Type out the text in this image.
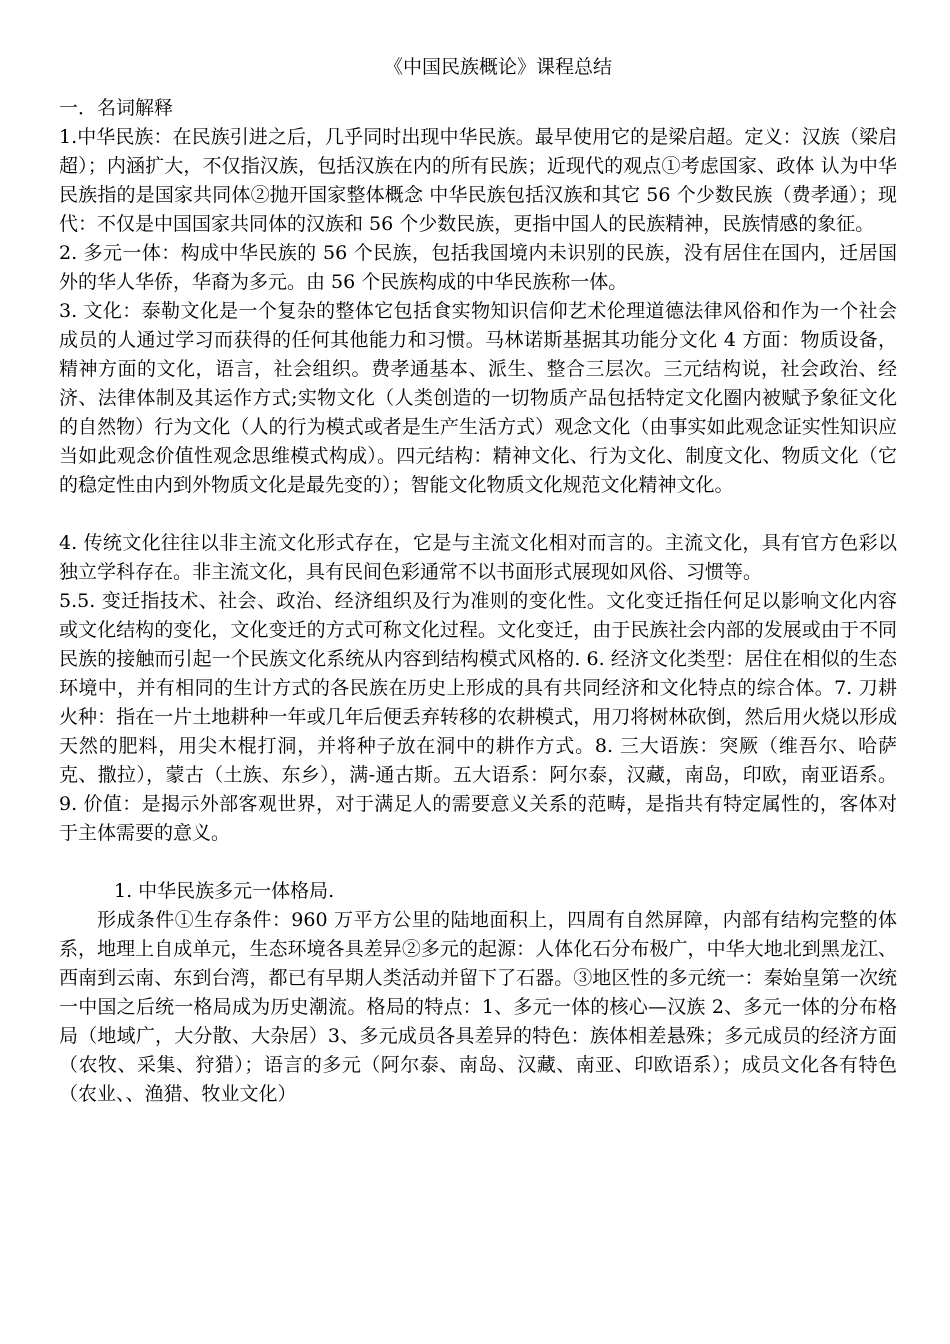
《中国民族概论》课程总结
一．名词解释

1.中华民族：在民族引进之后，几乎同时出现中华民族。最早使用它的是梁启超。定义：汉族（梁启超）；内涵扩大，不仅指汉族，包括汉族在内的所有民族；近现代的观点①考虑国家、政体 认为中华民族指的是国家共同体②抛开国家整体概念 中华民族包括汉族和其它 56 个少数民族（费孝通）；现代：不仅是中国国家共同体的汉族和 56 个少数民族，更指中国人的民族精神，民族情感的象征。

2. 多元一体：构成中华民族的 56 个民族，包括我国境内未识别的民族，没有居住在国内，迁居国外的华人华侨，华裔为多元。由 56 个民族构成的中华民族称一体。

3. 文化：泰勒文化是一个复杂的整体它包括食实物知识信仰艺术伦理道德法律风俗和作为一个社会成员的人通过学习而获得的任何其他能力和习惯。马林诺斯基据其功能分文化 4 方面：物质设备，精神方面的文化，语言，社会组织。费孝通基本、派生、整合三层次。三元结构说，社会政治、经济、法律体制及其运作方式;实物文化（人类创造的一切物质产品包括特定文化圈内被赋予象征文化的自然物）行为文化（人的行为模式或者是生产生活方式）观念文化（由事实如此观念证实性知识应当如此观念价值性观念思维模式构成）。四元结构：精神文化、行为文化、制度文化、物质文化（它的稳定性由内到外物质文化是最先变的）；智能文化物质文化规范文化精神文化。

4. 传统文化往往以非主流文化形式存在，它是与主流文化相对而言的。主流文化，具有官方色彩以独立学科存在。非主流文化，具有民间色彩通常不以书面形式展现如风俗、习惯等。

5.5. 变迁指技术、社会、政治、经济组织及行为准则的变化性。文化变迁指任何足以影响文化内容或文化结构的变化，文化变迁的方式可称文化过程。文化变迁，由于民族社会内部的发展或由于不同民族的接触而引起一个民族文化系统从内容到结构模式风格的. 6. 经济文化类型：居住在相似的生态环境中，并有相同的生计方式的各民族在历史上形成的具有共同经济和文化特点的综合体。7. 刀耕火种：指在一片土地耕种一年或几年后便丢弃转移的农耕模式，用刀将树林砍倒，然后用火烧以形成天然的肥料，用尖木棍打洞，并将种子放在洞中的耕作方式。8. 三大语族：突厥（维吾尔、哈萨克、撒拉），蒙古（土族、东乡），满-通古斯。五大语系：阿尔泰，汉藏，南岛，印欧，南亚语系。9. 价值：是揭示外部客观世界，对于满足人的需要意义关系的范畴，是指共有特定属性的，客体对于主体需要的意义。

1. 中华民族多元一体格局.

形成条件①生存条件：960 万平方公里的陆地面积上，四周有自然屏障，内部有结构完整的体系，地理上自成单元，生态环境各具差异②多元的起源：人体化石分布极广，中华大地北到黑龙江、西南到云南、东到台湾，都已有早期人类活动并留下了石器。③地区性的多元统一：秦始皇第一次统一中国之后统一格局成为历史潮流。格局的特点：1、多元一体的核心—汉族 2、多元一体的分布格局（地域广，大分散、大杂居）3、多元成员各具差异的特色：族体相差悬殊；多元成员的经济方面（农牧、采集、狩猎）；语言的多元（阿尔泰、南岛、汉藏、南亚、印欧语系）；成员文化各有特色（农业、、渔猎、牧业文化）
